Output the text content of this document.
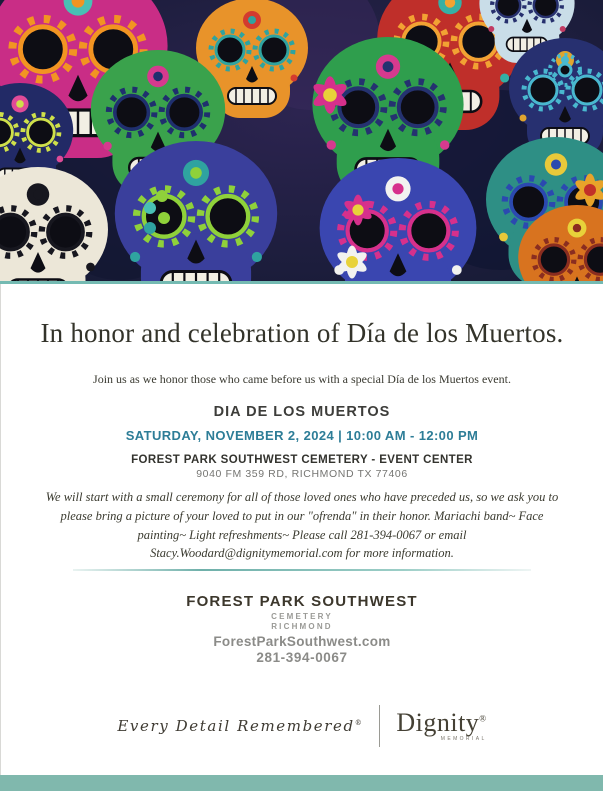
In honor and celebration of Día de los Muertos.
Join us as we honor those who came before us with a special Día de los Muertos event.
DIA DE LOS MUERTOS
SATURDAY, NOVEMBER 2, 2024 | 10:00 AM - 12:00 PM
FOREST PARK SOUTHWEST CEMETERY - EVENT CENTER
9040 FM 359 RD, RICHMOND TX 77406
We will start with a small ceremony for all of those loved ones who have preceded us, so we ask you to please bring a picture of your loved to put in our "ofrenda" in their honor. Mariachi band~ Face painting~ Light refreshments~ Please call 281-394-0067 or email Stacy.Woodard@dignitymemorial.com for more information.
FOREST PARK SOUTHWEST
CEMETERY
RICHMOND
ForestParkSouthwest.com
281-394-0067
Every Detail Remembered® Dignity®
MEMORIAL
